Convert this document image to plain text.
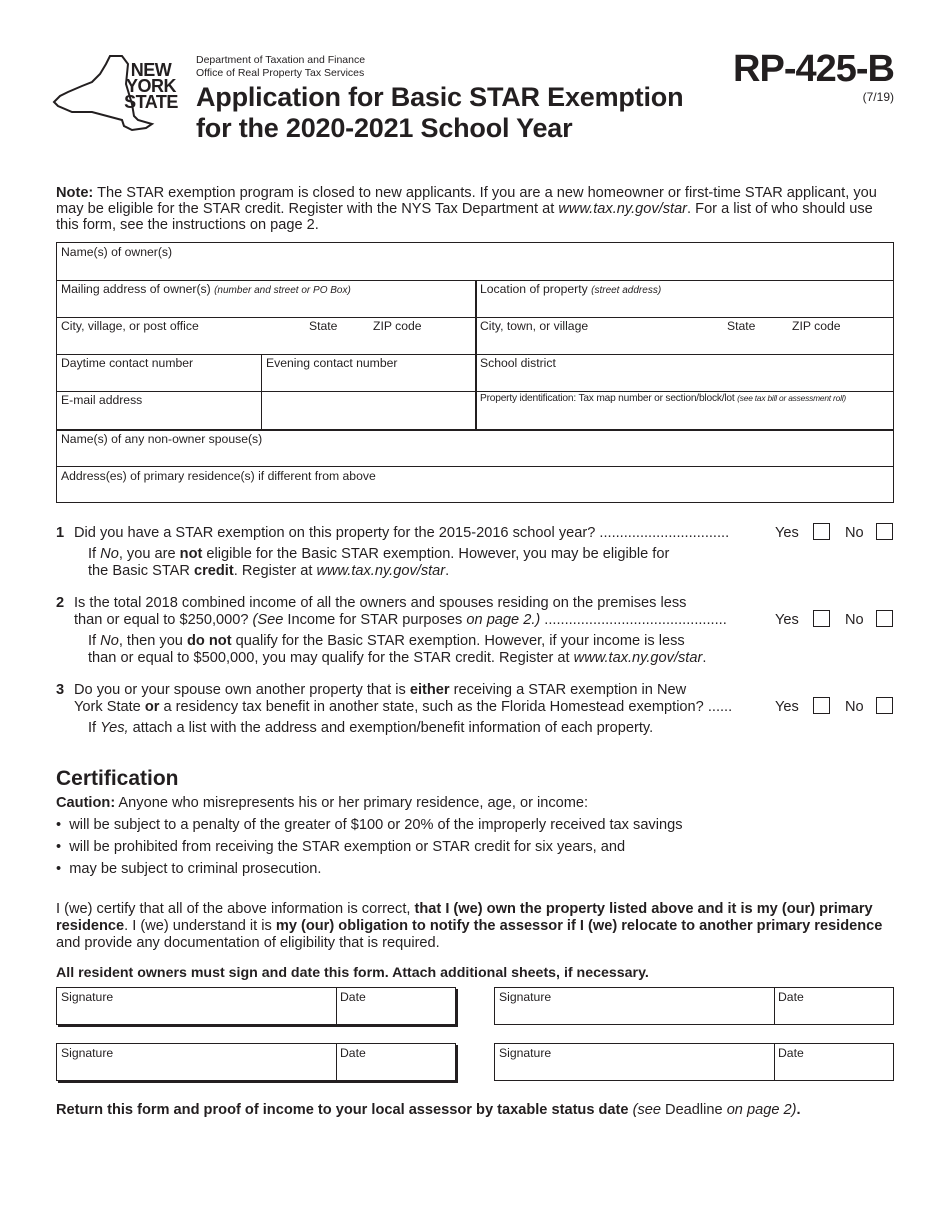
NEW
YORK
STATE
Department of Taxation and Finance
Office of Real Property Tax Services
Application for Basic STAR Exemption
for the 2020-2021 School Year
RP-425-B
(7/19)
Note: The STAR exemption program is closed to new applicants. If you are a new homeowner or first-time STAR applicant, you may be eligible for the STAR credit. Register with the NYS Tax Department at www.tax.ny.gov/star. For a list of who should use this form, see the instructions on page 2.
Name(s) of owner(s)
Mailing address of owner(s) (number and street or PO Box)	Location of property (street address)
City, village, or post office	State	ZIP code	City, town, or village	State	ZIP code
Daytime contact number	Evening contact number	School district
E-mail address	Property identification: Tax map number or section/block/lot (see tax bill or assessment roll)
Name(s) of any non-owner spouse(s)
Address(es) of primary residence(s) if different from above
1 Did you have a STAR exemption on this property for the 2015-2016 school year? ................................	Yes	No
If No, you are not eligible for the Basic STAR exemption. However, you may be eligible for
the Basic STAR credit. Register at www.tax.ny.gov/star.
2 Is the total 2018 combined income of all the owners and spouses residing on the premises less
than or equal to $250,000? (See Income for STAR purposes on page 2.) .............................................	Yes	No
If No, then you do not qualify for the Basic STAR exemption. However, if your income is less
than or equal to $500,000, you may qualify for the STAR credit. Register at www.tax.ny.gov/star.
3 Do you or your spouse own another property that is either receiving a STAR exemption in New
York State or a residency tax benefit in another state, such as the Florida Homestead exemption? ......	Yes	No
If Yes, attach a list with the address and exemption/benefit information of each property.
Certification
Caution: Anyone who misrepresents his or her primary residence, age, or income:
•  will be subject to a penalty of the greater of $100 or 20% of the improperly received tax savings
•  will be prohibited from receiving the STAR exemption or STAR credit for six years, and
•  may be subject to criminal prosecution.
I (we) certify that all of the above information is correct, that I (we) own the property listed above and it is my (our) primary residence. I (we) understand it is my (our) obligation to notify the assessor if I (we) relocate to another primary residence and provide any documentation of eligibility that is required.
All resident owners must sign and date this form. Attach additional sheets, if necessary.
Signature	Date	Signature	Date
Signature	Date	Signature	Date
Return this form and proof of income to your local assessor by taxable status date (see Deadline on page 2).
